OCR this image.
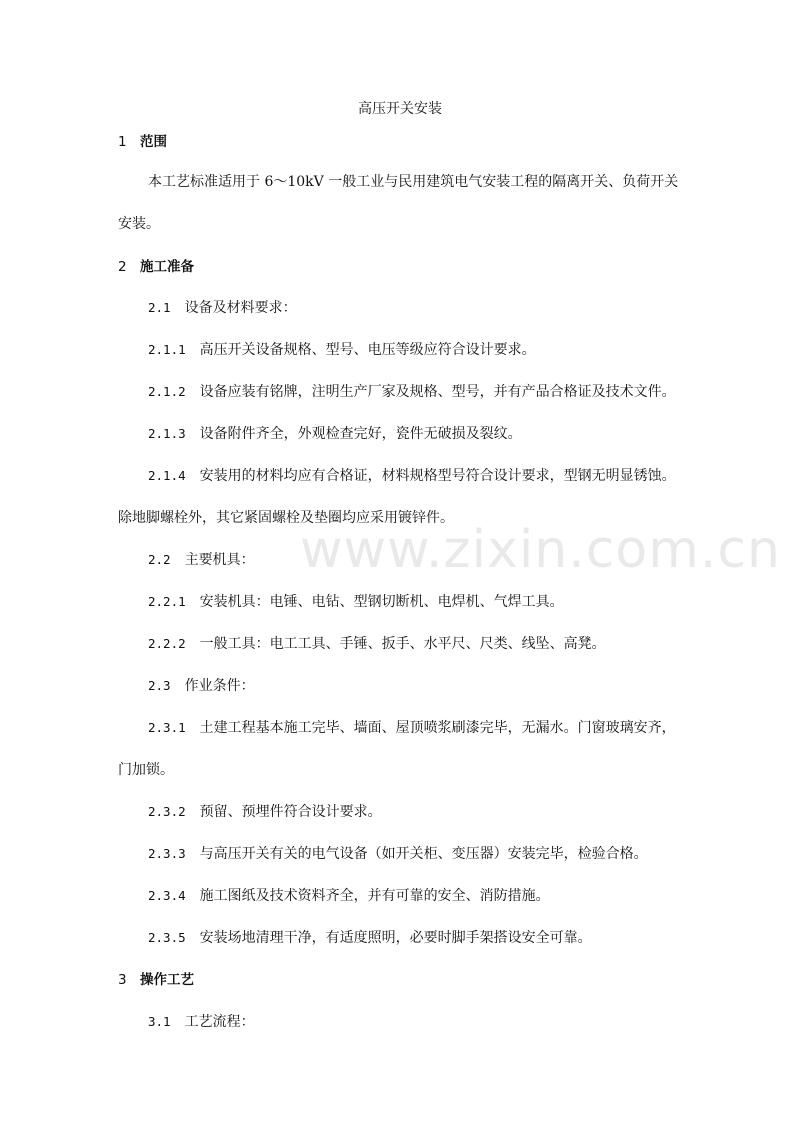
www.zixin.com.cn

高压开关安装

1 范围

本工艺标准适用于 6～10kV 一般工业与民用建筑电气安装工程的隔离开关、负荷开关

安装。

2 施工准备

2.1 设备及材料要求：

2.1.1 高压开关设备规格、型号、电压等级应符合设计要求。

2.1.2 设备应装有铭牌，注明生产厂家及规格、型号，并有产品合格证及技术文件。

2.1.3 设备附件齐全，外观检查完好，瓷件无破损及裂纹。

2.1.4 安装用的材料均应有合格证，材料规格型号符合设计要求，型钢无明显锈蚀。

除地脚螺栓外，其它紧固螺栓及垫圈均应采用镀锌件。

2.2 主要机具：

2.2.1 安装机具：电锤、电钻、型钢切断机、电焊机、气焊工具。

2.2.2 一般工具：电工工具、手锤、扳手、水平尺、尺类、线坠、高凳。

2.3 作业条件：

2.3.1 土建工程基本施工完毕、墙面、屋顶喷浆刷漆完毕，无漏水。门窗玻璃安齐，

门加锁。

2.3.2 预留、预埋件符合设计要求。

2.3.3 与高压开关有关的电气设备（如开关柜、变压器）安装完毕，检验合格。

2.3.4 施工图纸及技术资料齐全，并有可靠的安全、消防措施。

2.3.5 安装场地清理干净，有适度照明，必要时脚手架搭设安全可靠。

3 操作工艺

3.1 工艺流程：
